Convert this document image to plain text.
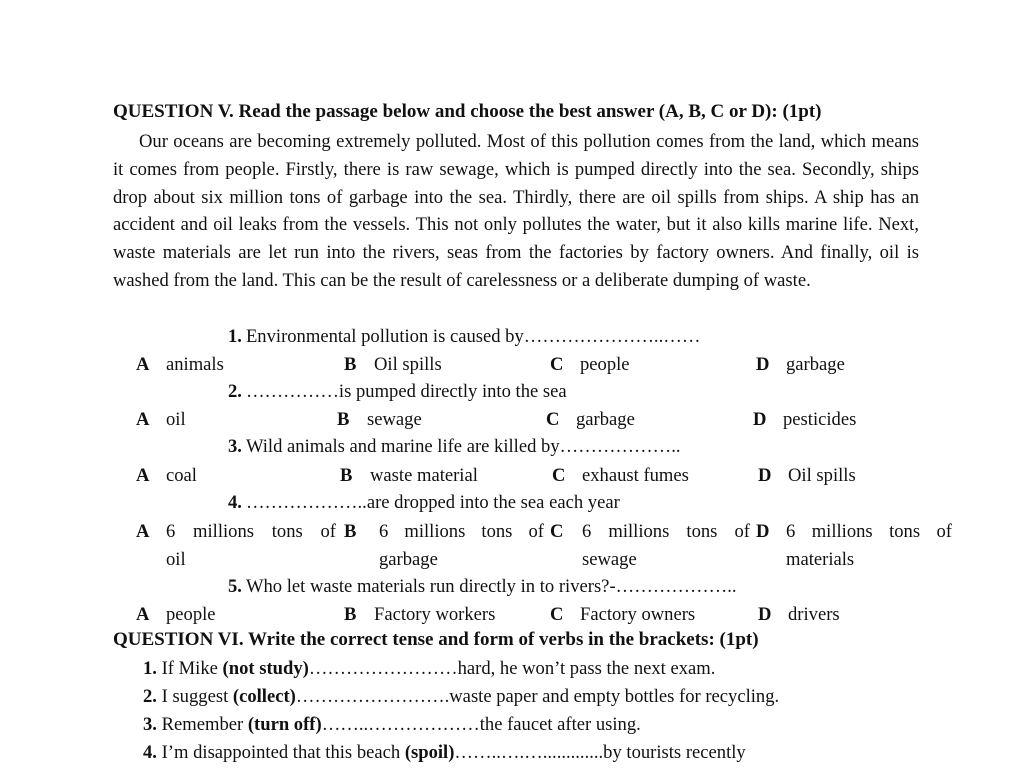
QUESTION V. Read the passage below and choose the best answer (A, B, C or D): (1pt)
Our oceans are becoming extremely polluted. Most of this pollution comes from the land, which means it comes from people. Firstly, there is raw sewage, which is pumped directly into the sea. Secondly, ships drop about six million tons of garbage into the sea. Thirdly, there are oil spills from ships. A ship has an accident and oil leaks from the vessels. This not only pollutes the water, but it also kills marine life. Next, waste materials are let run into the rivers, seas from the factories by factory owners. And finally, oil is washed from the land. This can be the result of carelessness or a deliberate dumping of waste.
1. Environmental pollution is caused by…………………..……
A animals	B Oil spills	C people	D garbage
2. ……………is pumped directly into the sea
A oil	B sewage	C garbage	D pesticides
3. Wild animals and marine life are killed by………………..
A coal	B waste material	C exhaust fumes	D Oil spills
4. ………………..are dropped into the sea each year
A 6 millions tons of
oil
B 6 millions tons of
garbage
C 6 millions tons of
sewage
D 6 millions tons of
materials
5. Who let waste materials run directly in to rivers?-………………..
A people	B Factory workers	C Factory owners	D drivers
QUESTION VI. Write the correct tense and form of verbs in the brackets: (1pt)
1. If Mike (not study)……………………hard, he won’t pass the next exam.
2. I suggest (collect)…………………….waste paper and empty bottles for recycling.
3. Remember (turn off)……..………………the faucet after using.
4. I’m disappointed that this beach (spoil)……..….….............by tourists recently
